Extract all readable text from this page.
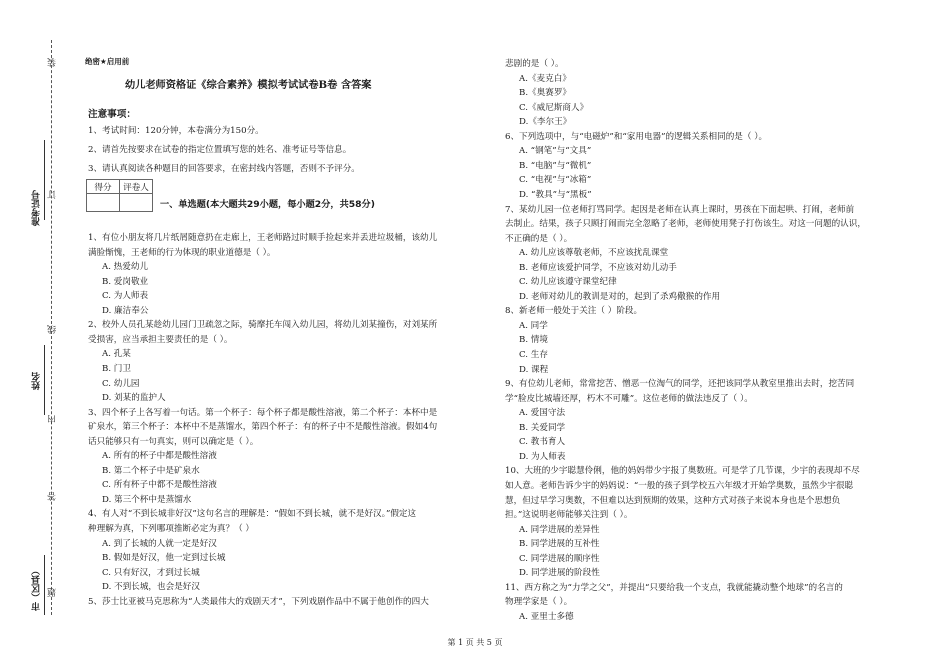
装
订
线
内
答
题
准考证号
姓名
市（区县）
绝密★启用前
幼儿老师资格证《综合素养》模拟考试试卷B卷 含答案
注意事项：
1、考试时间：120分钟，本卷满分为150分。
2、请首先按要求在试卷的指定位置填写您的姓名、准考证号等信息。
3、请认真阅读各种题目的回答要求，在密封线内答题，否则不予评分。
得分	评卷人

一、单选题(本大题共29小题，每小题2分，共58分)
1、有位小朋友将几片纸屑随意扔在走廊上，王老师路过时顺手捡起来并丢进垃圾桶，该幼儿
满脸惭愧，王老师的行为体现的职业道德是（ ）。
A. 热爱幼儿
B. 爱岗敬业
C. 为人师表
D. 廉洁奉公
2、校外人员孔某趁幼儿园门卫疏忽之际，骑摩托车闯入幼儿园，将幼儿刘某撞伤，对刘某所
受损害，应当承担主要责任的是（ ）。
A. 孔某
B. 门卫
C. 幼儿园
D. 刘某的监护人
3、四个杯子上各写着一句话。第一个杯子：每个杯子都是酸性溶液，第二个杯子：本杯中是
矿泉水，第三个杯子：本杯中不是蒸馏水，第四个杯子：有的杯子中不是酸性溶液。假如4句
话只能够只有一句真实，则可以确定是（ ）。
A. 所有的杯子中都是酸性溶液
B. 第二个杯子中是矿泉水
C. 所有杯子中都不是酸性溶液
D. 第三个杯中是蒸馏水
4、有人对“不到长城非好汉”这句名言的理解是：“假如不到长城，就不是好汉。”假定这
种理解为真，下列哪项推断必定为真？（ ）
A. 到了长城的人就一定是好汉
B. 假如是好汉，他一定到过长城
C. 只有好汉，才到过长城
D. 不到长城，也会是好汉
5、莎士比亚被马克思称为“人类最伟大的戏剧天才”，下列戏剧作品中不属于他创作的四大
悲剧的是（ ）。
A.《麦克白》
B.《奥赛罗》
C.《威尼斯商人》
D.《李尔王》
6、下列选项中，与“电磁炉”和“家用电器”的逻辑关系相同的是（ ）。
A. “钢笔”与“文具”
B. “电脑”与“微机”
C. “电视”与“冰箱”
D. “教具”与“黑板”
7、某幼儿园一位老师打骂同学。起因是老师在认真上课时，男孩在下面起哄、打闹，老师前
去制止。结果，孩子只顾打闹而完全忽略了老师，老师使用凳子打伤该生。对这一问题的认识，
不正确的是（ ）。
A. 幼儿应该尊敬老师，不应该扰乱课堂
B. 老师应该爱护同学，不应该对幼儿动手
C. 幼儿应该遵守课堂纪律
D. 老师对幼儿的教训是对的，起到了杀鸡儆猴的作用
8、新老师一般处于关注（ ）阶段。
A. 同学
B. 情境
C. 生存
D. 课程
9、有位幼儿老师，常常挖苦、憎恶一位淘气的同学，还把该同学从教室里推出去时，挖苦同
学“脸皮比城墙还厚，朽木不可雕”。这位老师的做法违反了（ ）。
A. 爱国守法
B. 关爱同学
C. 教书育人
D. 为人师表
10、大班的少宇聪慧伶俐，他的妈妈带少宇报了奥数班。可是学了几节课，少宇的表现却不尽
如人意。老师告诉少宇的妈妈说：“一般的孩子到学校五六年级才开始学奥数，虽然少宇很聪
慧，但过早学习奥数，不但难以达到预期的效果，这种方式对孩子来说本身也是个思想负
担。”这说明老师能够关注到（ ）。
A. 同学进展的差异性
B. 同学进展的互补性
C. 同学进展的顺序性
D. 同学进展的阶段性
11、西方称之为“力学之父”，并提出“只要给我一个支点，我就能撬动整个地球”的名言的
物理学家是（ ）。
A. 亚里士多德
第 1 页 共 5 页
